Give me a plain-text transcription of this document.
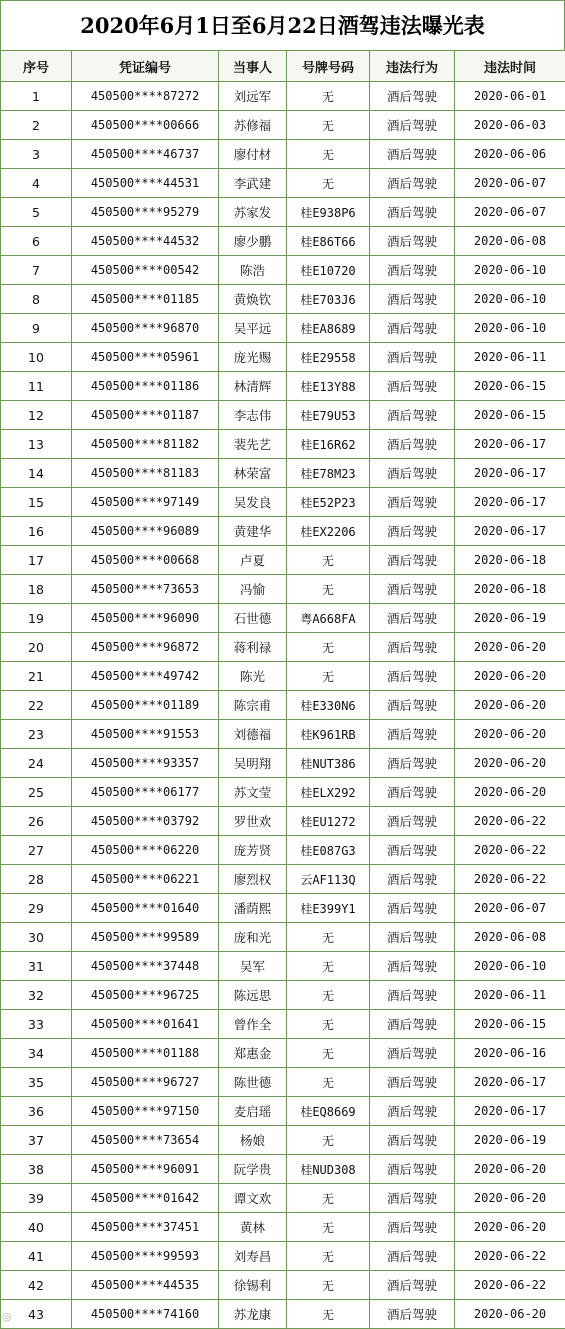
2020年6月1日至6月22日酒驾违法曝光表
序号	凭证编号	当事人	号牌号码	违法行为	违法时间
1	450500****87272	刘远军	无	酒后驾驶	2020-06-01
2	450500****00666	苏修福	无	酒后驾驶	2020-06-03
3	450500****46737	廖付材	无	酒后驾驶	2020-06-06
4	450500****44531	李武建	无	酒后驾驶	2020-06-07
5	450500****95279	苏家发	桂E938P6	酒后驾驶	2020-06-07
6	450500****44532	廖少鹏	桂E86T66	酒后驾驶	2020-06-08
7	450500****00542	陈浩	桂E10720	酒后驾驶	2020-06-10
8	450500****01185	黄焕钦	桂E703J6	酒后驾驶	2020-06-10
9	450500****96870	吴平远	桂EA8689	酒后驾驶	2020-06-10
10	450500****05961	庞光赐	桂E29558	酒后驾驶	2020-06-11
11	450500****01186	林清辉	桂E13Y88	酒后驾驶	2020-06-15
12	450500****01187	李志伟	桂E79U53	酒后驾驶	2020-06-15
13	450500****81182	裴先艺	桂E16R62	酒后驾驶	2020-06-17
14	450500****81183	林荣富	桂E78M23	酒后驾驶	2020-06-17
15	450500****97149	吴发良	桂E52P23	酒后驾驶	2020-06-17
16	450500****96089	黄建华	桂EX2206	酒后驾驶	2020-06-17
17	450500****00668	卢夏	无	酒后驾驶	2020-06-18
18	450500****73653	冯愉	无	酒后驾驶	2020-06-18
19	450500****96090	石世德	粤A668FA	酒后驾驶	2020-06-19
20	450500****96872	蒋利禄	无	酒后驾驶	2020-06-20
21	450500****49742	陈光	无	酒后驾驶	2020-06-20
22	450500****01189	陈宗甫	桂E330N6	酒后驾驶	2020-06-20
23	450500****91553	刘德福	桂K961RB	酒后驾驶	2020-06-20
24	450500****93357	吴明翔	桂NUT386	酒后驾驶	2020-06-20
25	450500****06177	苏文莹	桂ELX292	酒后驾驶	2020-06-20
26	450500****03792	罗世欢	桂EU1272	酒后驾驶	2020-06-22
27	450500****06220	庞芳贤	桂E087G3	酒后驾驶	2020-06-22
28	450500****06221	廖烈权	云AF113Q	酒后驾驶	2020-06-22
29	450500****01640	潘荫熙	桂E399Y1	酒后驾驶	2020-06-07
30	450500****99589	庞和光	无	酒后驾驶	2020-06-08
31	450500****37448	吴军	无	酒后驾驶	2020-06-10
32	450500****96725	陈远思	无	酒后驾驶	2020-06-11
33	450500****01641	曾作全	无	酒后驾驶	2020-06-15
34	450500****01188	郑惠金	无	酒后驾驶	2020-06-16
35	450500****96727	陈世德	无	酒后驾驶	2020-06-17
36	450500****97150	麦启瑶	桂EQ8669	酒后驾驶	2020-06-17
37	450500****73654	杨娘	无	酒后驾驶	2020-06-19
38	450500****96091	阮学贵	桂NUD308	酒后驾驶	2020-06-20
39	450500****01642	谭文欢	无	酒后驾驶	2020-06-20
40	450500****37451	黄林	无	酒后驾驶	2020-06-20
41	450500****99593	刘寿昌	无	酒后驾驶	2020-06-22
42	450500****44535	徐锡利	无	酒后驾驶	2020-06-22
43	450500****74160	苏龙康	无	酒后驾驶	2020-06-20
◎
